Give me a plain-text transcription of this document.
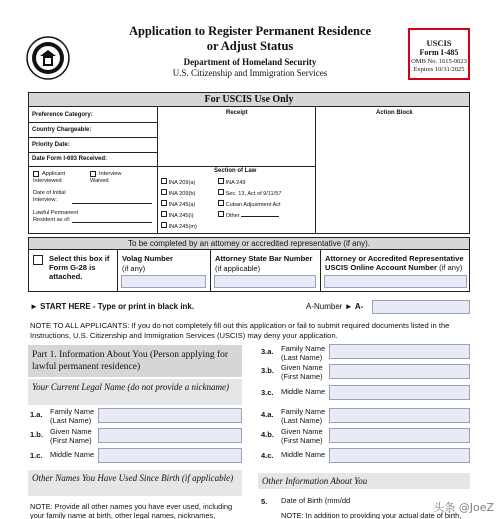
Application to Register Permanent Residence
or Adjust Status
Department of Homeland Security
U.S. Citizenship and Immigration Services
USCIS
Form I-485
OMB No. 1615-0023
Expires 10/31/2025
For USCIS Use Only
Preference Category:
Country Chargeable:
Priority Date:
Date Form I-693 Received:
Receipt	Action Block
Applicant Interviewed
Interview Waived
Date of Initial Interview:
Lawful Permanent Resident as of:
Section of Law
INA 209(a)
INA 209(b)
INA 245(a)
INA 245(i)
INA 245(m)
INA 249
Sec. 13, Act of 9/11/57
Cuban Adjustment Act
Other
To be completed by an attorney or accredited representative (if any).
Select this box if Form G-28 is attached.
Volag Number
(if any)
Attorney State Bar Number
(if applicable)
Attorney or Accredited Representative USCIS Online Account Number (if any)
► START HERE - Type or print in black ink.	A-Number ► A-
NOTE TO ALL APPLICANTS: If you do not completely fill out this application or fail to submit required documents listed in the Instructions, U.S. Citizenship and Immigration Services (USCIS) may deny your application.
Part 1. Information About You (Person applying for lawful permanent residence)
Your Current Legal Name (do not provide a nickname)
1.a. Family Name (Last Name)
1.b. Given Name (First Name)
1.c. Middle Name
Other Names You Have Used Since Birth (if applicable)
NOTE: Provide all other names you have ever used, including your family name at birth, other legal names, nicknames,
3.a. Family Name (Last Name)
3.b. Given Name (First Name)
3.c. Middle Name
4.a. Family Name (Last Name)
4.b. Given Name (First Name)
4.c. Middle Name
Other Information About You
5. Date of Birth (mm/dd
NOTE: In addition to providing your actual date of birth,
头条 @JoeZ
